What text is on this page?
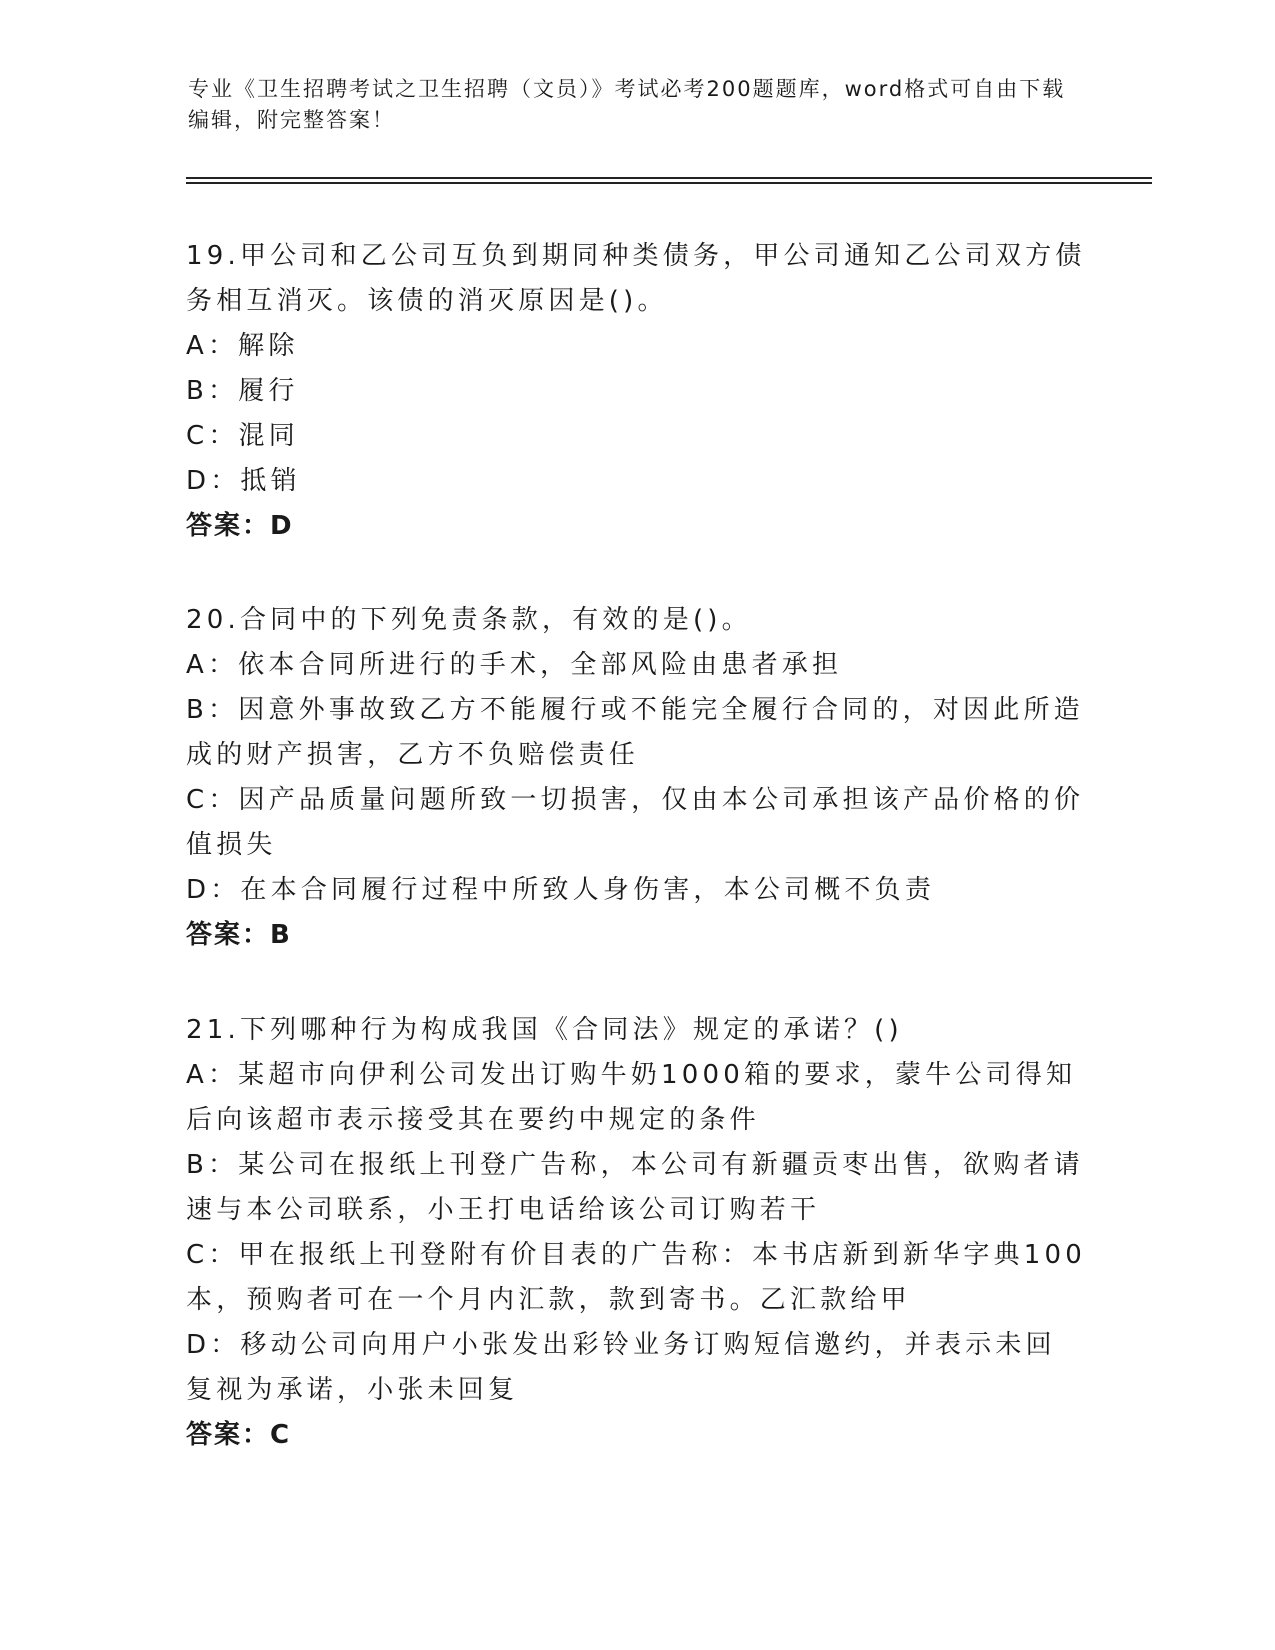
专业《卫生招聘考试之卫生招聘（文员）》考试必考200题题库，word格式可自由下载编辑，附完整答案！
19.甲公司和乙公司互负到期同种类债务，甲公司通知乙公司双方债务相互消灭。该债的消灭原因是()。
A：解除
B：履行
C：混同
D：抵销
答案：D
20.合同中的下列免责条款，有效的是()。
A：依本合同所进行的手术，全部风险由患者承担
B：因意外事故致乙方不能履行或不能完全履行合同的，对因此所造成的财产损害，乙方不负赔偿责任
C：因产品质量问题所致一切损害，仅由本公司承担该产品价格的价值损失
D：在本合同履行过程中所致人身伤害，本公司概不负责
答案：B
21.下列哪种行为构成我国《合同法》规定的承诺？()
A：某超市向伊利公司发出订购牛奶1000箱的要求，蒙牛公司得知后向该超市表示接受其在要约中规定的条件
B：某公司在报纸上刊登广告称，本公司有新疆贡枣出售，欲购者请速与本公司联系，小王打电话给该公司订购若干
C：甲在报纸上刊登附有价目表的广告称：本书店新到新华字典100本，预购者可在一个月内汇款，款到寄书。乙汇款给甲
D：移动公司向用户小张发出彩铃业务订购短信邀约，并表示未回复视为承诺，小张未回复
答案：C
